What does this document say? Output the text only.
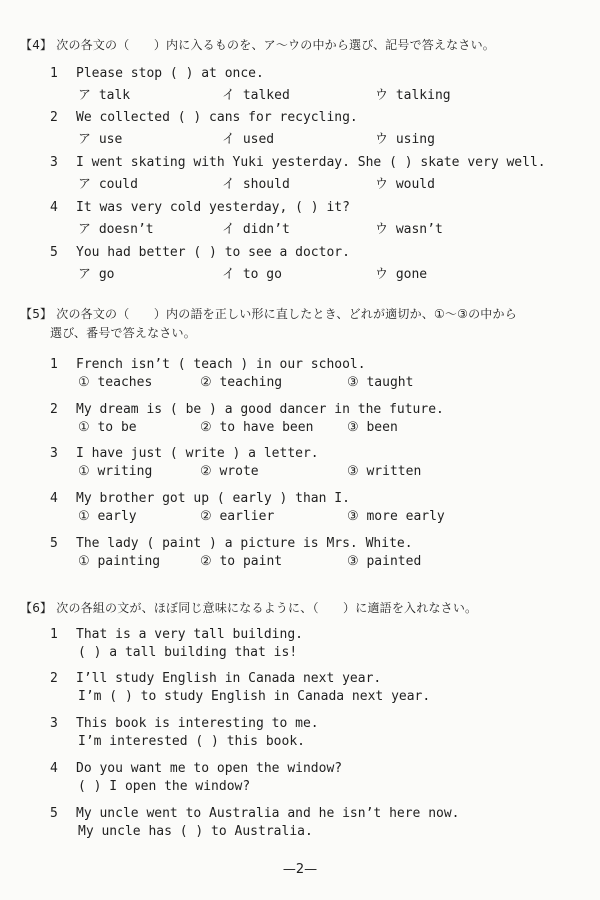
【4】 次の各文の（　　）内に入るものを、ア～ウの中から選び、記号で答えなさい。
1 Please stop ( ) at once.
ア talk	イ talked	ウ talking
2 We collected ( ) cans for recycling.
ア use	イ used	ウ using
3 I went skating with Yuki yesterday. She ( ) skate very well.
ア could	イ should	ウ would
4 It was very cold yesterday, ( ) it?
ア doesn’t	イ didn’t	ウ wasn’t
5 You had better ( ) to see a doctor.
ア go	イ to go	ウ gone
【5】 次の各文の（　　）内の語を正しい形に直したとき、どれが適切か、①～③の中から
選び、番号で答えなさい。
1 French isn’t ( teach ) in our school.
① teaches	② teaching	③ taught
2 My dream is ( be ) a good dancer in the future.
① to be	② to have been	③ been
3 I have just ( write ) a letter.
① writing	② wrote	③ written
4 My brother got up ( early ) than I.
① early	② earlier	③ more early
5 The lady ( paint ) a picture is Mrs. White.
① painting	② to paint	③ painted
【6】 次の各組の文が、ほぼ同じ意味になるように、（　　）に適語を入れなさい。
1 That is a very tall building.
( ) a tall building that is!
2 I’ll study English in Canada next year.
I’m ( ) to study English in Canada next year.
3 This book is interesting to me.
I’m interested ( ) this book.
4 Do you want me to open the window?
( ) I open the window?
5 My uncle went to Australia and he isn’t here now.
My uncle has ( ) to Australia.
—2—
